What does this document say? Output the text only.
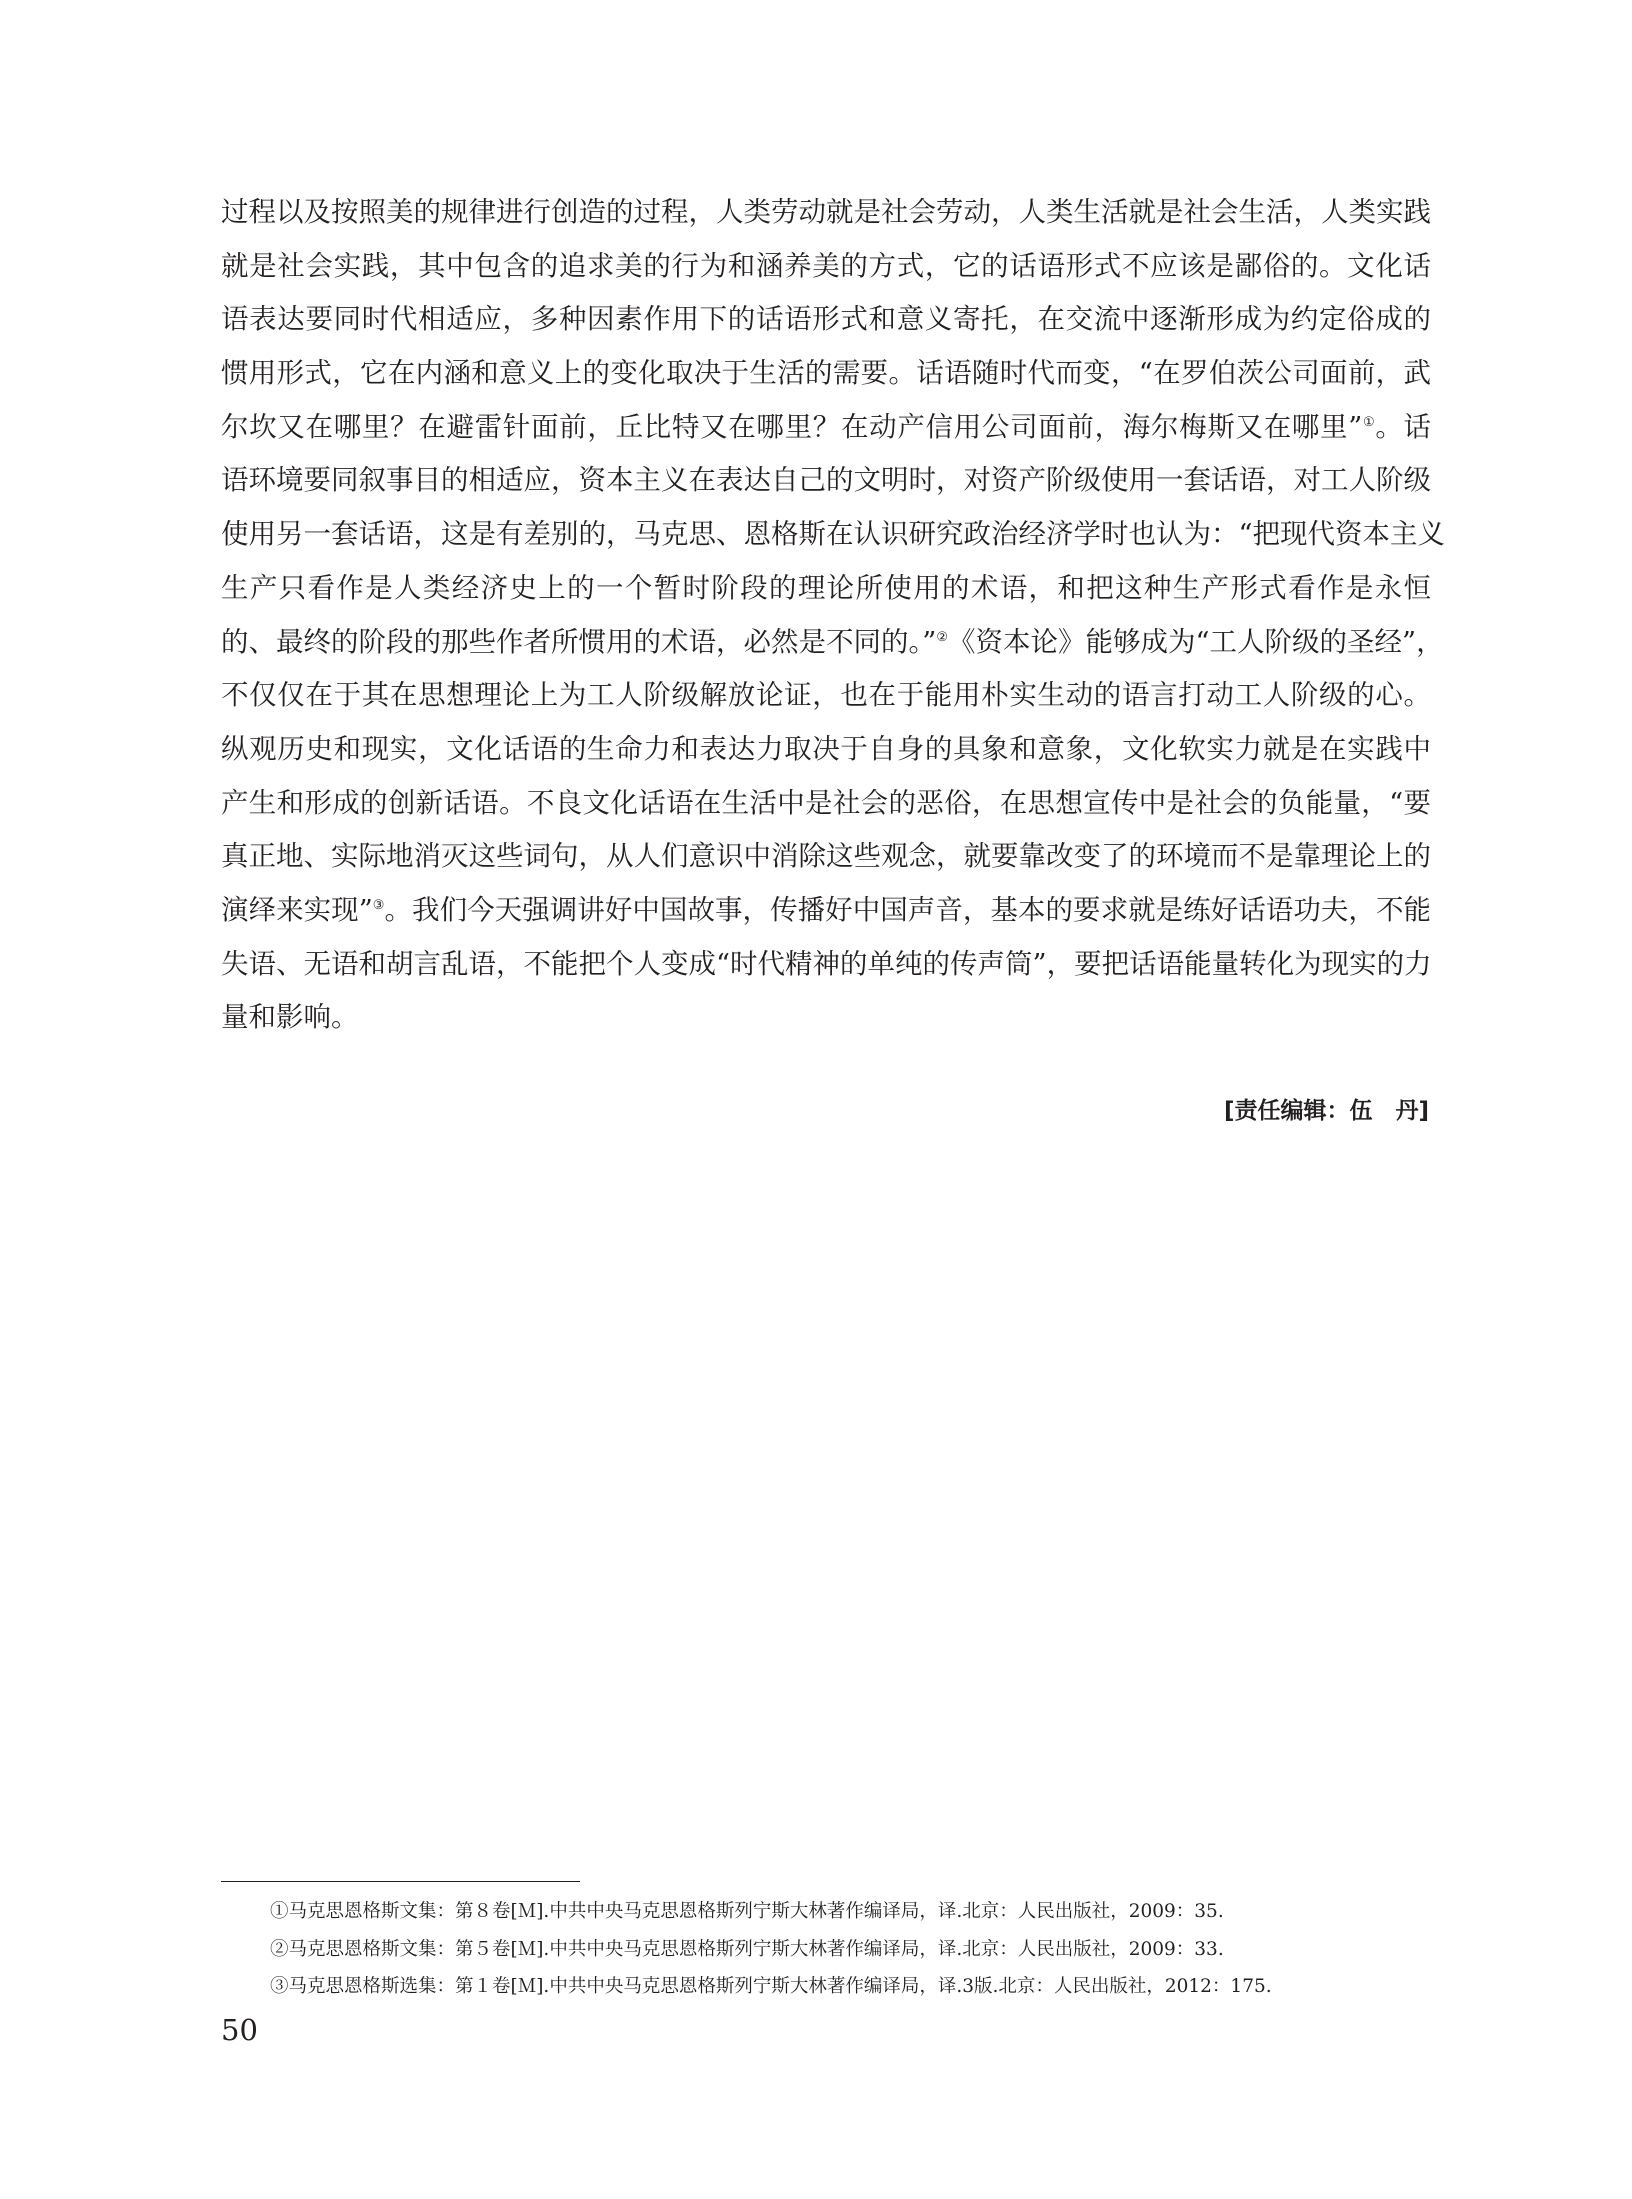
过程以及按照美的规律进行创造的过程，人类劳动就是社会劳动，人类生活就是社会生活，人类实践
就是社会实践，其中包含的追求美的行为和涵养美的方式，它的话语形式不应该是鄙俗的。文化话
语表达要同时代相适应，多种因素作用下的话语形式和意义寄托，在交流中逐渐形成为约定俗成的
惯用形式，它在内涵和意义上的变化取决于生活的需要。话语随时代而变，“在罗伯茨公司面前，武
尔坎又在哪里？在避雷针面前，丘比特又在哪里？在动产信用公司面前，海尔梅斯又在哪里”①。话
语环境要同叙事目的相适应，资本主义在表达自己的文明时，对资产阶级使用一套话语，对工人阶级
使用另一套话语，这是有差别的，马克思、恩格斯在认识研究政治经济学时也认为：“把现代资本主义
生产只看作是人类经济史上的一个暂时阶段的理论所使用的术语，和把这种生产形式看作是永恒
的、最终的阶段的那些作者所惯用的术语，必然是不同的。”②《资本论》能够成为“工人阶级的圣经”，
不仅仅在于其在思想理论上为工人阶级解放论证，也在于能用朴实生动的语言打动工人阶级的心。
纵观历史和现实，文化话语的生命力和表达力取决于自身的具象和意象，文化软实力就是在实践中
产生和形成的创新话语。不良文化话语在生活中是社会的恶俗，在思想宣传中是社会的负能量，“要
真正地、实际地消灭这些词句，从人们意识中消除这些观念，就要靠改变了的环境而不是靠理论上的
演绎来实现”③。我们今天强调讲好中国故事，传播好中国声音，基本的要求就是练好话语功夫，不能
失语、无语和胡言乱语，不能把个人变成“时代精神的单纯的传声筒”，要把话语能量转化为现实的力
量和影响。
[责任编辑：伍　丹]
①马克思恩格斯文集：第８卷[Ｍ].中共中央马克思恩格斯列宁斯大林著作编译局，译.北京：人民出版社，2009：35.
②马克思恩格斯文集：第５卷[Ｍ].中共中央马克思恩格斯列宁斯大林著作编译局，译.北京：人民出版社，2009：33.
③马克思恩格斯选集：第１卷[Ｍ].中共中央马克思恩格斯列宁斯大林著作编译局，译.3版.北京：人民出版社，2012：175.
50
